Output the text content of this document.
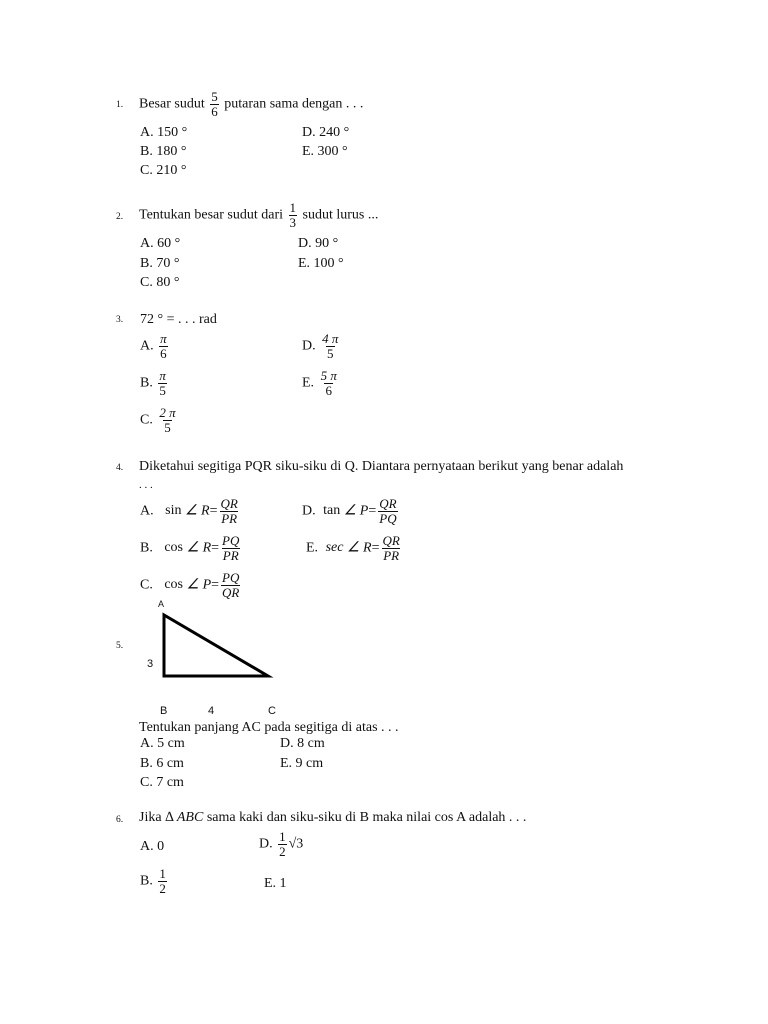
1. Besar sudut $\frac{5}{6}$ putaran sama dengan . . .
A. 150 °
B. 180 °
C. 210 °
D. 240 °
E. 300 °
2. Tentukan besar sudut dari $\frac{1}{3}$ sudut lurus ...
A. 60 °
B. 70 °
C. 80 °
D. 90 °
E. 100 °
3. 72 ° = . . . rad
A. $\frac{\pi}{6}$
B. $\frac{\pi}{5}$
C. $\frac{2 \pi}{5}$
D. $\frac{4 \pi}{5}$
E. $\frac{5 \pi}{6}$
4. Diketahui segitiga PQR siku-siku di Q. Diantara pernyataan berikut yang benar adalah
. . .
A. sin ∠ $R= \frac{QR}{PR}$
B. cos ∠ $R= \frac{PQ}{PR}$
C. cos ∠ $P= \frac{PQ}{QR}$
D. tan ∠ $P= \frac{QR}{PQ}$
E. sec ∠ $R= \frac{QR}{PR}$
5.
A
3
B	4	C
Tentukan panjang AC pada segitiga di atas . . .
A. 5 cm
B. 6 cm
C. 7 cm
D. 8 cm
E. 9 cm
6. Jika ∆ ABC sama kaki dan siku-siku di B maka nilai cos A adalah . . .
A. 0
B. $\frac{1}{2}$
D. $\frac{1}{2} √3$
E. 1
